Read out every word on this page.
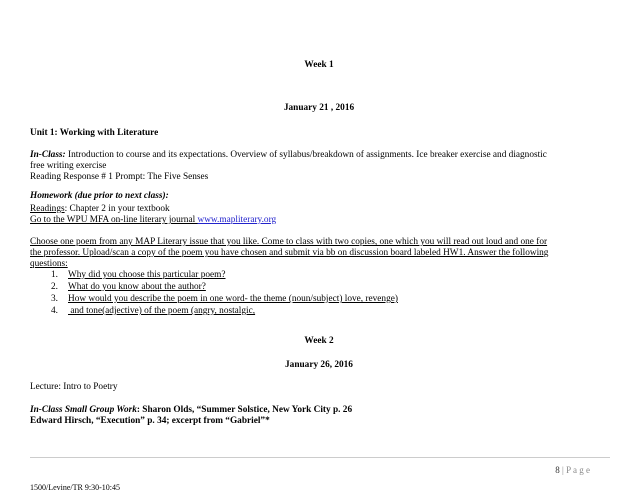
Week 1
January 21 , 2016
Unit 1: Working with Literature
In-Class: Introduction to course and its expectations. Overview of syllabus/breakdown of assignments. Ice breaker exercise and diagnostic
free writing exercise
Reading Response # 1 Prompt: The Five Senses
Homework (due prior to next class):
Readings: Chapter 2 in your textbook
Go to the WPU MFA on-line literary journal www.mapliterary.org
Choose one poem from any MAP Literary issue that you like. Come to class with two copies, one which you will read out loud and one for
the professor. Upload/scan a copy of the poem you have chosen and submit via bb on discussion board labeled HW1. Answer the following
questions:
1. Why did you choose this particular poem?
2. What do you know about the author?
3. How would you describe the poem in one word- the theme (noun/subject) love, revenge)
4. and tone(adjective) of the poem (angry, nostalgic,
Week 2
January 26, 2016
Lecture: Intro to Poetry
In-Class Small Group Work: Sharon Olds, “Summer Solstice, New York City p. 26
Edward Hirsch, “Execution” p. 34; excerpt from “Gabriel”*
8 | P a g e
1500/Levine/TR 9:30-10:45
